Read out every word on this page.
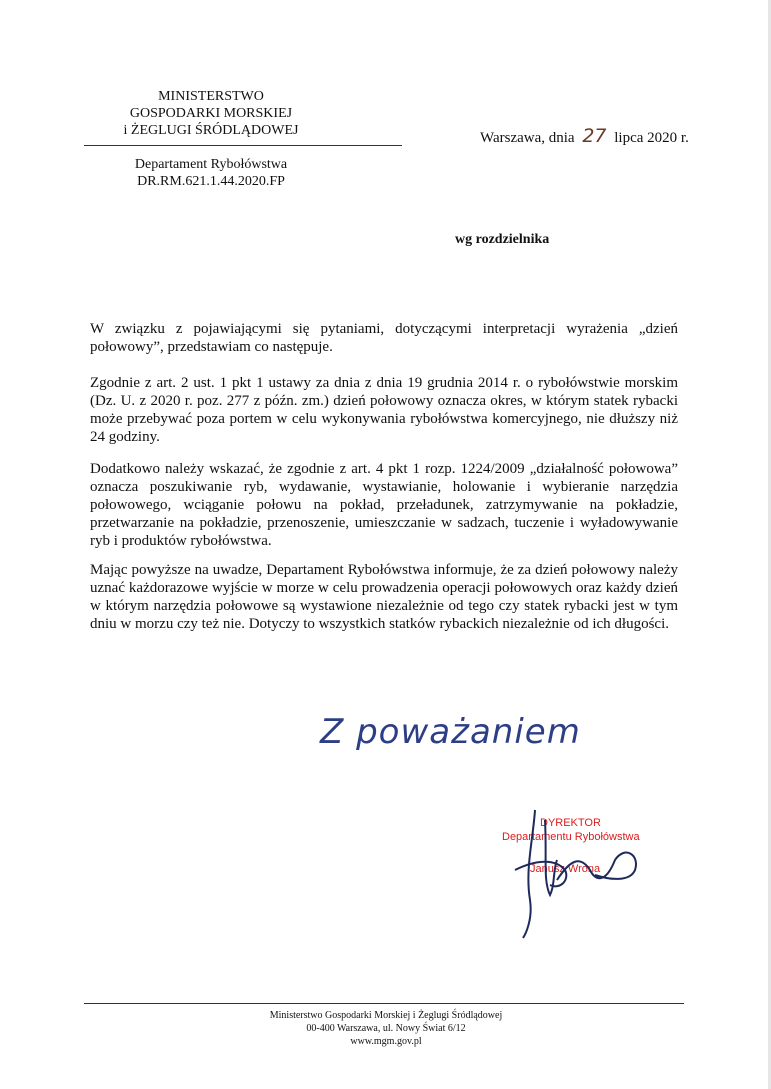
MINISTERSTWO
GOSPODARKI MORSKIEJ
i ŻEGLUGI ŚRÓDLĄDOWEJ
Departament Rybołówstwa
DR.RM.621.1.44.2020.FP
Warszawa, dnia 27 lipca 2020 r.
wg rozdzielnika

W związku z pojawiającymi się pytaniami, dotyczącymi interpretacji wyrażenia „dzień połowowy”, przedstawiam co następuje.

Zgodnie z art. 2 ust. 1 pkt 1 ustawy za dnia z dnia 19 grudnia 2014 r. o rybołówstwie morskim (Dz. U. z 2020 r. poz. 277 z późn. zm.) dzień połowowy oznacza okres, w którym statek rybacki może przebywać poza portem w celu wykonywania rybołówstwa komercyjnego, nie dłuższy niż 24 godziny.

Dodatkowo należy wskazać, że zgodnie z art. 4 pkt 1 rozp. 1224/2009 „działalność połowowa” oznacza poszukiwanie ryb, wydawanie, wystawianie, holowanie i wybieranie narzędzia połowowego, wciąganie połowu na pokład, przeładunek, zatrzymywanie na pokładzie, przetwarzanie na pokładzie, przenoszenie, umieszczanie w sadzach, tuczenie i wyładowywanie ryb i produktów rybołówstwa.

Mając powyższe na uwadze, Departament Rybołówstwa informuje, że za dzień połowowy należy uznać każdorazowe wyjście w morze w celu prowadzenia operacji połowowych oraz każdy dzień w którym narzędzia połowowe są wystawione niezależnie od tego czy statek rybacki jest w tym dniu w morzu czy też nie. Dotyczy to wszystkich statków rybackich niezależnie od ich długości.

Z poważaniem
DYREKTOR
Departamentu Rybołówstwa
Janusz Wrona
Ministerstwo Gospodarki Morskiej i Żeglugi Śródlądowej
00-400 Warszawa, ul. Nowy Świat 6/12
www.mgm.gov.pl
